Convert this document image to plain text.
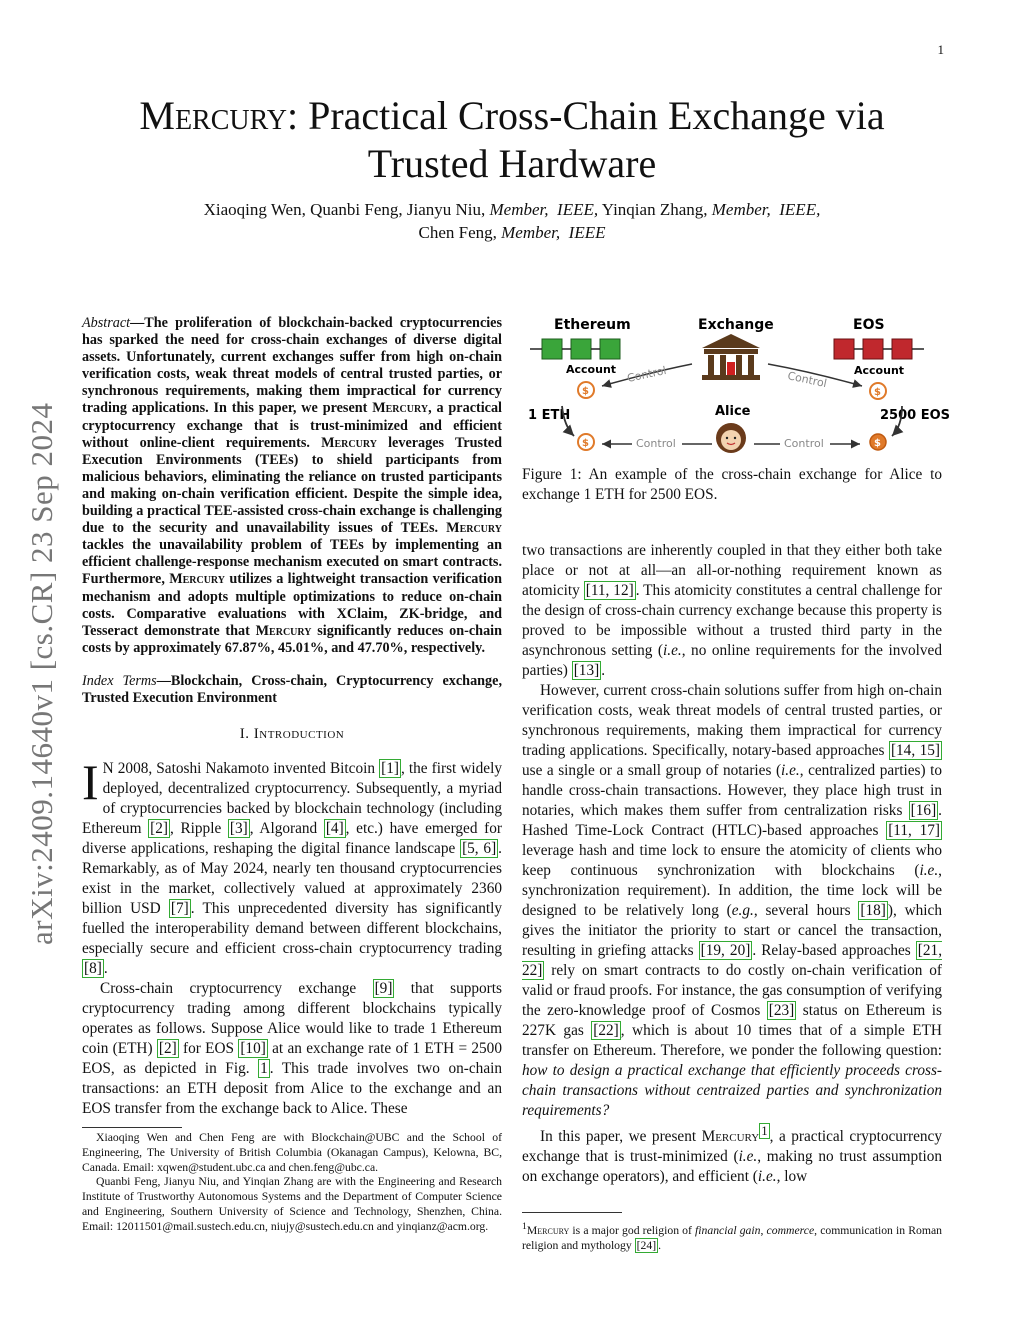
1
Mercury: Practical Cross-Chain Exchange via
Trusted Hardware
Xiaoqing Wen, Quanbi Feng, Jianyu Niu, Member, IEEE, Yinqian Zhang, Member, IEEE,
Chen Feng, Member, IEEE
arXiv:2409.14640v1 [cs.CR] 23 Sep 2024
Abstract—The proliferation of blockchain-backed cryptocurrencies has sparked the need for cross-chain exchanges of diverse digital assets. Unfortunately, current exchanges suffer from high on-chain verification costs, weak threat models of central trusted parties, or synchronous requirements, making them impractical for currency trading applications. In this paper, we present Mercury, a practical cryptocurrency exchange that is trust-minimized and efficient without online-client requirements. Mercury leverages Trusted Execution Environments (TEEs) to shield participants from malicious behaviors, eliminating the reliance on trusted participants and making on-chain verification efficient. Despite the simple idea, building a practical TEE-assisted cross-chain exchange is challenging due to the security and unavailability issues of TEEs. Mercury tackles the unavailability problem of TEEs by implementing an efficient challenge-response mechanism executed on smart contracts. Furthermore, Mercury utilizes a lightweight transaction verification mechanism and adopts multiple optimizations to reduce on-chain costs. Comparative evaluations with XClaim, ZK-bridge, and Tesseract demonstrate that Mercury significantly reduces on-chain costs by approximately 67.87%, 45.01%, and 47.70%, respectively.
Index Terms—Blockchain, Cross-chain, Cryptocurrency exchange, Trusted Execution Environment
I. Introduction

I N 2008, Satoshi Nakamoto invented Bitcoin [1] , the first widely deployed, decentralized cryptocurrency. Subsequently, a myriad of cryptocurrencies backed by blockchain technology (including Ethereum [2] , Ripple [3] , Algorand [4] , etc.) have emerged for diverse applications, reshaping the digital finance landscape [5, 6] . Remarkably, as of May 2024, nearly ten thousand cryptocurrencies exist in the market, collectively valued at approximately 2360 billion USD [7] . This unprecedented diversity has significantly fuelled the interoperability demand between different blockchains, especially secure and efficient cross-chain cryptocurrency trading [8] .

Cross-chain cryptocurrency exchange [9] that supports cryptocurrency trading among different blockchains typically operates as follows. Suppose Alice would like to trade 1 Ethereum coin (ETH) [2] for EOS [10] at an exchange rate of 1 ETH = 2500 EOS, as depicted in Fig. 1 . This trade involves two on-chain transactions: an ETH deposit from Alice to the exchange and an EOS transfer from the exchange back to Alice. These

Xiaoqing Wen and Chen Feng are with Blockchain@UBC and the School of Engineering, The University of British Columbia (Okanagan Campus), Kelowna, BC, Canada. Email: xqwen@student.ubc.ca and chen.feng@ubc.ca.

Quanbi Feng, Jianyu Niu, and Yinqian Zhang are with the Engineering and Research Institute of Trustworthy Autonomous Systems and the Department of Computer Science and Engineering, Southern University of Science and Technology, Shenzhen, China. Email: 12011501@mail.sustech.edu.cn, niujy@sustech.edu.cn and yinqianz@acm.org.

Ethereum	Exchange	EOS
Account	Account
$	$
$	$
Control	Control
Alice
1 ETH	2500 EOS
Control	Control
Figure 1: An example of the cross-chain exchange for Alice to exchange 1 ETH for 2500 EOS.

two transactions are inherently coupled in that they either both take place or not at all—an all-or-nothing requirement known as atomicity [11, 12] . This atomicity constitutes a central challenge for the design of cross-chain currency exchange because this property is proved to be impossible without a trusted third party in the asynchronous setting (i.e., no online requirements for the involved parties) [13] .

However, current cross-chain solutions suffer from high on-chain verification costs, weak threat models of central trusted parties, or synchronous requirements, making them impractical for currency trading applications. Specifically, notary-based approaches [14, 15] use a single or a small group of notaries (i.e., centralized parties) to handle cross-chain transactions. However, they place high trust in notaries, which makes them suffer from centralization risks [16] . Hashed Time-Lock Contract (HTLC)-based approaches [11, 17] leverage hash and time lock to ensure the atomicity of clients who keep continuous synchronization with blockchains (i.e., synchronization requirement). In addition, the time lock will be designed to be relatively long (e.g., several hours [18] ), which gives the initiator the priority to start or cancel the transaction, resulting in griefing attacks [19, 20] . Relay-based approaches [21, 22] rely on smart contracts to do costly on-chain verification of valid or fraud proofs. For instance, the gas consumption of verifying the zero-knowledge proof of Cosmos [23] status on Ethereum is 227K gas [22] , which is about 10 times that of a simple ETH transfer on Ethereum. Therefore, we ponder the following question: how to design a practical exchange that efficiently proceeds cross-chain transactions without centraized parties and synchronization requirements?

In this paper, we present Mercury $^1$ , a practical cryptocurrency exchange that is trust-minimized (i.e., making no trust assumption on exchange operators), and efficient (i.e., low

$^1$Mercury is a major god religion of financial gain, commerce, communication in Roman religion and mythology [24] .
